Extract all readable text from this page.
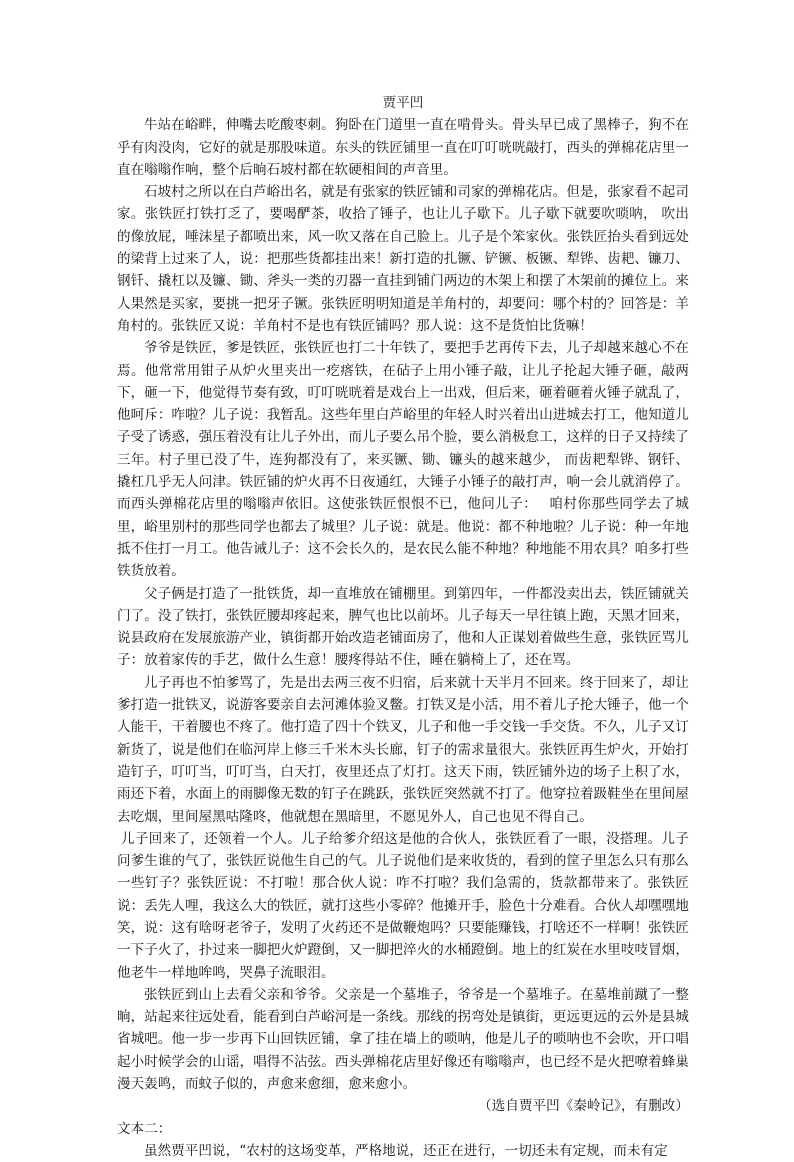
贾平凹

牛站在峪畔，伸嘴去吃酸枣刺。狗卧在门道里一直在啃骨头。骨头早已成了黑棒子，狗不在乎有肉没肉，它好的就是那股味道。东头的铁匠铺里一直在叮叮咣咣敲打，西头的弹棉花店里一直在嗡嗡作响，整个后晌石坡村都在软硬相间的声音里。

石坡村之所以在白芦峪出名，就是有张家的铁匠铺和司家的弹棉花店。但是，张家看不起司家。张铁匠打铁打乏了，要喝酽茶，收拾了锤子，也让儿子歇下。儿子歇下就要吹唢呐， 吹出的像放屁，唾沫星子都喷出来，风一吹又落在自己脸上。儿子是个笨家伙。张铁匠抬头看到远处的梁背上过来了人，说：把那些货都挂出来！新打造的扎镢、铲镢、板镢、犁铧、齿耙、镰刀、钢钎、撬杠以及镰、锄、斧头一类的刃器一直挂到铺门两边的木架上和摆了木架前的摊位上。来人果然是买家，要挑一把牙子镢。张铁匠明明知道是羊角村的，却要问：哪个村的？回答是：羊角村的。张铁匠又说：羊角村不是也有铁匠铺吗？那人说：这不是货怕比货嘛！

爷爷是铁匠，爹是铁匠，张铁匠也打二十年铁了，要把手艺再传下去，儿子却越来越心不在焉。他常常用钳子从炉火里夹出一疙瘩铁，在砧子上用小锤子敲，让儿子抡起大锤子砸，敲两下，砸一下，他觉得节奏有致，叮叮咣咣着是戏台上一出戏，但后来，砸着砸着火锤子就乱了，他呵斥：咋啦？儿子说：我暂乱。这些年里白芦峪里的年轻人时兴着出山进城去打工，他知道儿子受了诱惑，强压着没有让儿子外出，而儿子要么吊个脸，要么消极怠工，这样的日子又持续了三年。村子里已没了牛，连狗都没有了，来买镢、锄、镰头的越来越少， 而齿耙犁铧、钢钎、撬杠几乎无人问津。铁匠铺的炉火再不日夜通红，大锤子小锤子的敲打声，响一会儿就消停了。而西头弹棉花店里的嗡嗡声依旧。这使张铁匠恨恨不已，他问儿子：　 咱村你那些同学去了城里，峪里别村的那些同学也都去了城里？儿子说：就是。他说：都不种地啦？儿子说：种一年地抵不住打一月工。他告诫儿子：这不会长久的，是农民么能不种地？种地能不用农具？咱多打些铁货放着。

父子俩是打造了一批铁货，却一直堆放在铺棚里。到第四年，一件都没卖出去，铁匠铺就关门了。没了铁打，张铁匠腰却疼起来，脾气也比以前坏。儿子每天一早往镇上跑，天黑才回来，说县政府在发展旅游产业，镇街都开始改造老铺面房了，他和人正谋划着做些生意，张铁匠骂儿子：放着家传的手艺，做什么生意！腰疼得站不住，睡在躺椅上了，还在骂。

儿子再也不怕爹骂了，先是出去两三夜不归宿，后来就十天半月不回来。终于回来了，却让爹打造一批铁叉，说游客要亲自去河滩体验叉鳖。打铁叉是小活，用不着儿子抡大锤子，他一个人能干，干着腰也不疼了。他打造了四十个铁叉，儿子和他一手交钱一手交货。不久，儿子又订新货了，说是他们在临河岸上修三千米木头长廊，钉子的需求量很大。张铁匠再生炉火，开始打造钉子，叮叮当，叮叮当，白天打，夜里还点了灯打。这天下雨，铁匠铺外边的场子上积了水，雨还下着，水面上的雨脚像无数的钉子在跳跃，张铁匠突然就不打了。他穿拉着趿鞋坐在里间屋去吃烟，里间屋黑咕隆咚，他就想在黑暗里，不愿见外人，自己也见不得自己。

儿子回来了，还领着一个人。儿子给爹介绍这是他的合伙人，张铁匠看了一眼，没搭理。儿子问爹生谁的气了，张铁匠说他生自己的气。儿子说他们是来收货的，看到的筐子里怎么只有那么一些钉子？张铁匠说：不打啦！那合伙人说：咋不打啦？我们急需的，货款都带来了。张铁匠说：丢先人哩，我这么大的铁匠，就打这些小零碎？他摊开手，脸色十分难看。合伙人却嘿嘿地笑，说：这有啥呀老爷子，发明了火药还不是做鞭炮吗？只要能赚钱，打啥还不一样啊！张铁匠一下子火了，扑过来一脚把火炉蹬倒，又一脚把淬火的水桶蹬倒。地上的红炭在水里吱吱冒烟，他老牛一样地哞鸣，哭鼻子流眼泪。

张铁匠到山上去看父亲和爷爷。父亲是一个墓堆子，爷爷是一个墓堆子。在墓堆前蹴了一整晌，站起来往远处看，能看到白芦峪河是一条线。那线的拐弯处是镇街，更远更远的云外是县城省城吧。他一步一步再下山回铁匠铺，拿了挂在墙上的唢呐，他是儿子的唢呐也不会吹，开口唱起小时候学会的山谣，唱得不沾弦。西头弹棉花店里好像还有嗡嗡声，也已经不是火把嘹着蜂巢漫天轰鸣，而蚊子似的，声愈来愈细，愈来愈小。

（选自贾平凹《秦岭记》，有删改）

文本二：

虽然贾平凹说，“农村的这场变革，严格地说，还正在进行，一切还未有定规，而未有定
